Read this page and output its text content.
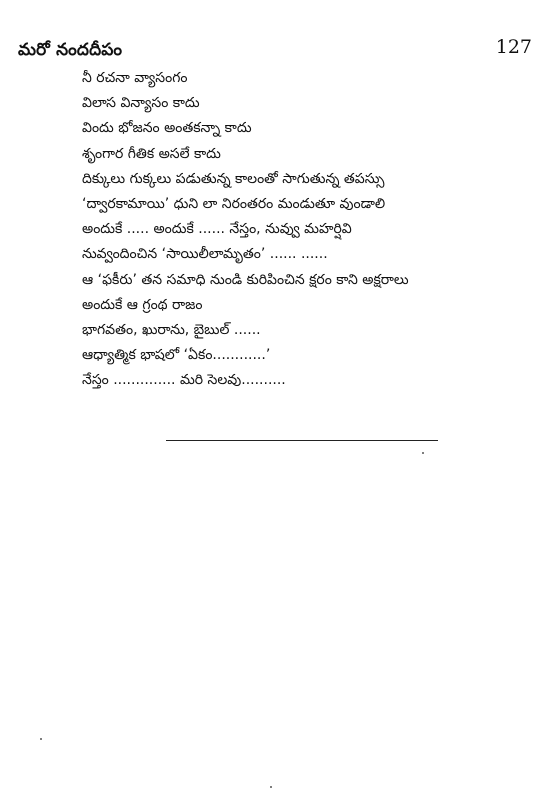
మరో నందదీపం	127
నీ రచనా వ్యాసంగం
విలాస విన్యాసం కాదు
విందు భోజనం అంతకన్నా కాదు
శృంగార గీతిక అసలే కాదు
దిక్కులు గుక్కలు పడుతున్న కాలంతో సాగుతున్న తపస్సు
‘ద్వారకామాయి’ ధుని లా నిరంతరం మండుతూ వుండాలి
అందుకే ..... అందుకే ...... నేస్తం, నువ్వు మహర్షివి
నువ్వందించిన ‘సాయిలీలామృతం’ ...... ......
ఆ ‘ఫకీరు’ తన సమాధి నుండి కురిపించిన క్షరం కాని అక్షరాలు
అందుకే ఆ గ్రంథ రాజం
భాగవతం, ఖురాను, బైబుల్ ......
ఆధ్యాత్మిక భాషలో ‘ఏకం............’
నేస్తం .............. మరి సెలవు..........
